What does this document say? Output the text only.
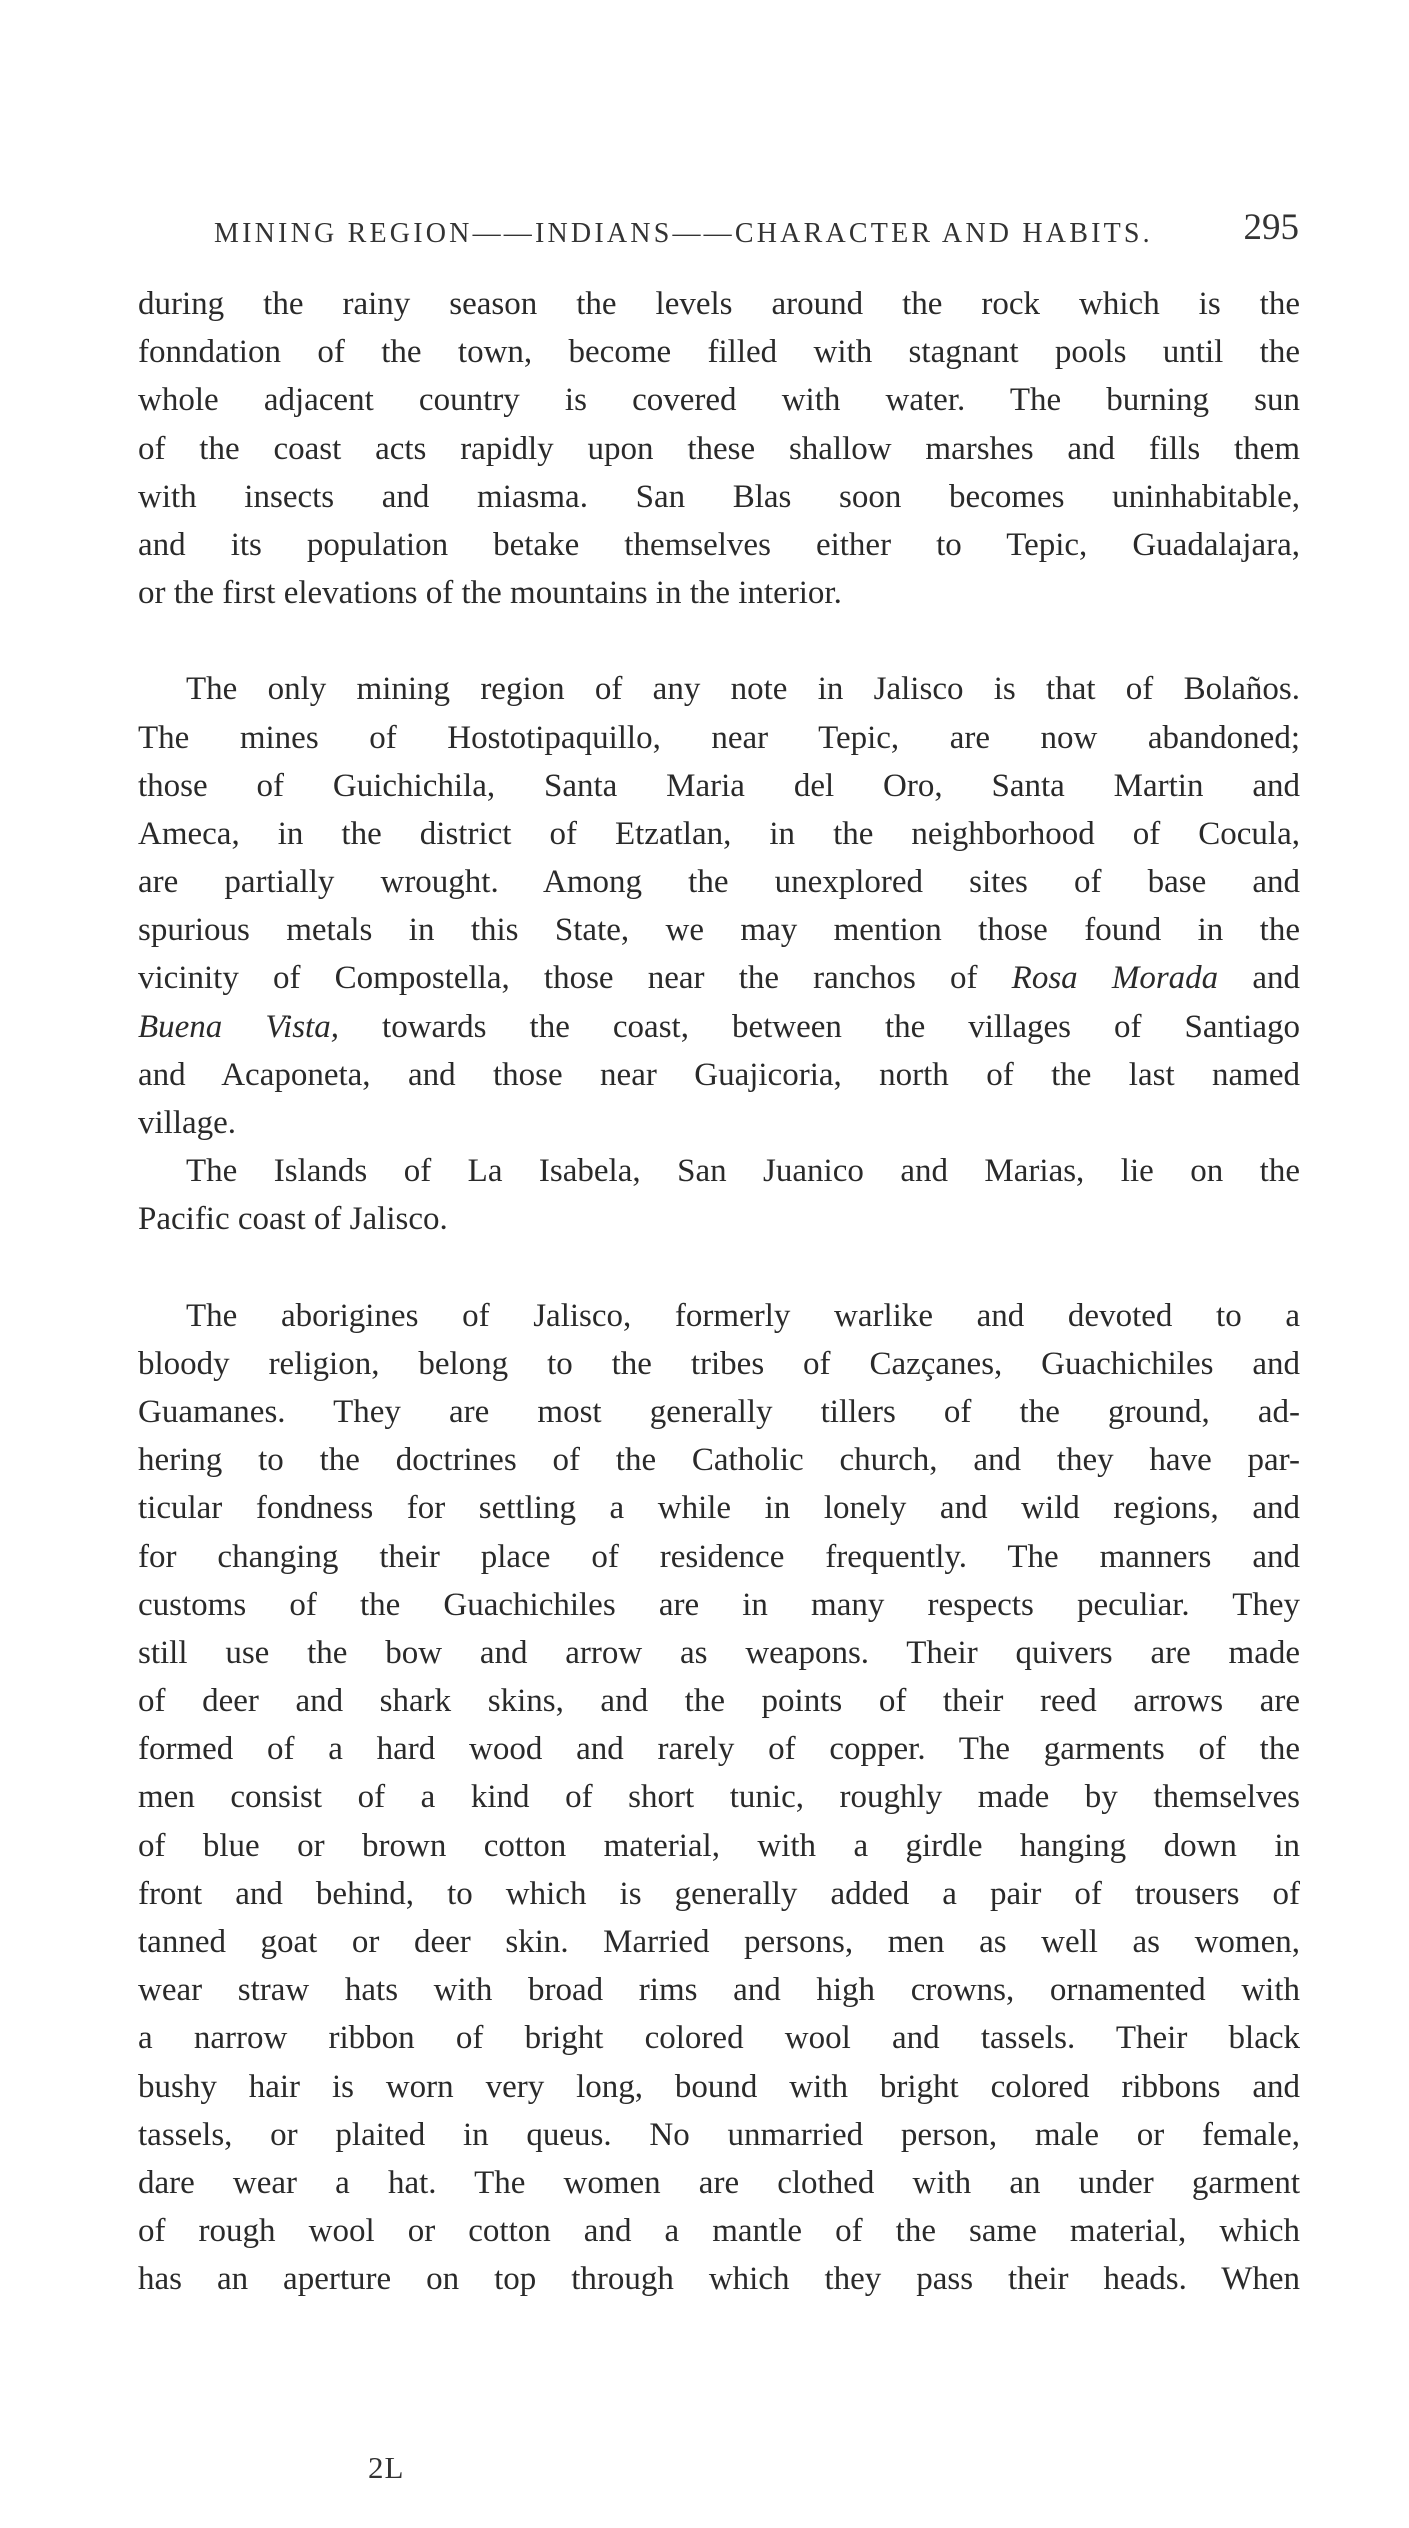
MINING REGION——INDIANS——CHARACTER AND HABITS. 295
during the rainy season the levels around the rock which is the
fonndation of the town, become filled with stagnant pools until the
whole adjacent country is covered with water. The burning sun
of the coast acts rapidly upon these shallow marshes and fills them
with insects and miasma. San Blas soon becomes uninhabitable,
and its population betake themselves either to Tepic, Guadalajara,
or the first elevations of the mountains in the interior.
The only mining region of any note in Jalisco is that of Bolaños.
The mines of Hostotipaquillo, near Tepic, are now abandoned;
those of Guichichila, Santa Maria del Oro, Santa Martin and
Ameca, in the district of Etzatlan, in the neighborhood of Cocula,
are partially wrought. Among the unexplored sites of base and
spurious metals in this State, we may mention those found in the
vicinity of Compostella, those near the ranchos of Rosa Morada and
Buena Vista, towards the coast, between the villages of Santiago
and Acaponeta, and those near Guajicoria, north of the last named
village.
The Islands of La Isabela, San Juanico and Marias, lie on the
Pacific coast of Jalisco.
The aborigines of Jalisco, formerly warlike and devoted to a
bloody religion, belong to the tribes of Cazçanes, Guachichiles and
Guamanes. They are most generally tillers of the ground, ad-
hering to the doctrines of the Catholic church, and they have par-
ticular fondness for settling a while in lonely and wild regions, and
for changing their place of residence frequently. The manners and
customs of the Guachichiles are in many respects peculiar. They
still use the bow and arrow as weapons. Their quivers are made
of deer and shark skins, and the points of their reed arrows are
formed of a hard wood and rarely of copper. The garments of the
men consist of a kind of short tunic, roughly made by themselves
of blue or brown cotton material, with a girdle hanging down in
front and behind, to which is generally added a pair of trousers of
tanned goat or deer skin. Married persons, men as well as women,
wear straw hats with broad rims and high crowns, ornamented with
a narrow ribbon of bright colored wool and tassels. Their black
bushy hair is worn very long, bound with bright colored ribbons and
tassels, or plaited in queus. No unmarried person, male or female,
dare wear a hat. The women are clothed with an under garment
of rough wool or cotton and a mantle of the same material, which
has an aperture on top through which they pass their heads. When
2L
